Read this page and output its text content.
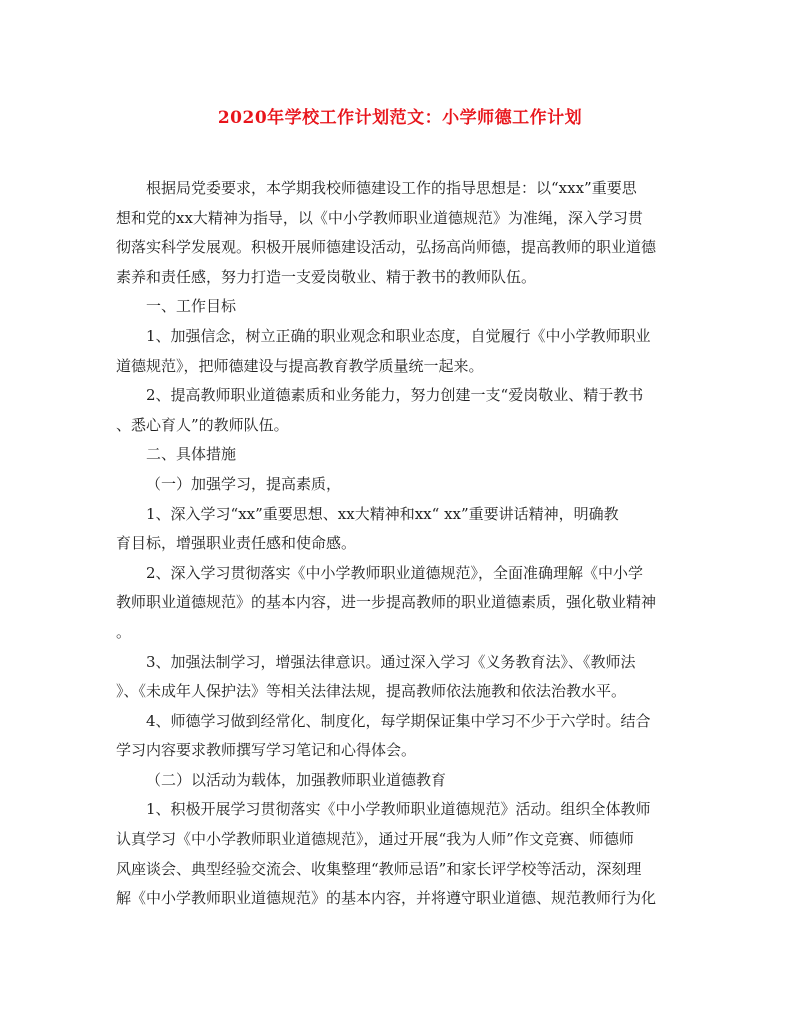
2020年学校工作计划范文：小学师德工作计划

根据局党委要求，本学期我校师德建设工作的指导思想是：以“xxx”重要思
想和党的xx大精神为指导，以《中小学教师职业道德规范》为准绳，深入学习贯
彻落实科学发展观。积极开展师德建设活动，弘扬高尚师德，提高教师的职业道德
素养和责任感，努力打造一支爱岗敬业、精于教书的教师队伍。

一、工作目标

1、加强信念，树立正确的职业观念和职业态度，自觉履行《中小学教师职业
道德规范》，把师德建设与提高教育教学质量统一起来。

2、提高教师职业道德素质和业务能力，努力创建一支“爱岗敬业、精于教书
、悉心育人”的教师队伍。

二、具体措施

（一）加强学习，提高素质，

1、深入学习“xx”重要思想、xx大精神和xx“ xx”重要讲话精神，明确教
育目标，增强职业责任感和使命感。

2、深入学习贯彻落实《中小学教师职业道德规范》，全面准确理解《中小学
教师职业道德规范》的基本内容，进一步提高教师的职业道德素质，强化敬业精神
。

3、加强法制学习，增强法律意识。通过深入学习《义务教育法》、《教师法
》、《未成年人保护法》等相关法律法规，提高教师依法施教和依法治教水平。

4、师德学习做到经常化、制度化，每学期保证集中学习不少于六学时。结合
学习内容要求教师撰写学习笔记和心得体会。

（二）以活动为载体，加强教师职业道德教育

1、积极开展学习贯彻落实《中小学教师职业道德规范》活动。组织全体教师
认真学习《中小学教师职业道德规范》，通过开展“我为人师”作文竞赛、师德师
风座谈会、典型经验交流会、收集整理“教师忌语”和家长评学校等活动，深刻理
解《中小学教师职业道德规范》的基本内容，并将遵守职业道德、规范教师行为化
